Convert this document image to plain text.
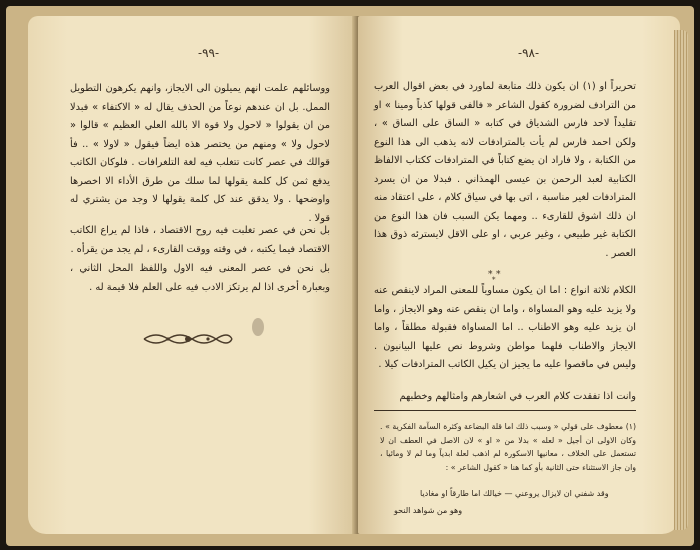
-٩٩-

ووسائلهم علمت انهم يميلون الى الايجاز، وانهم يكرهون التطويل الممل. بل ان عندهم نوعاً من الحذف يقال له « الاكتفاء » فبدلا من ان يقولوا « لاحول ولا قوة الا بالله العلي العظيم » قالوا « لاحول ولا » ومنهم من يختصر هذه ايضاً فيقول « لاولا » .. فأ قوالك في عصر كانت تتغلب فيه لغة التلغرافات . فلوكان الكاتب يدفع ثمن كل كلمة يقولها لما سلك من طرق الأداء الا اخصرها واوضحها . ولا يدقق عند كل كلمة يقولها لا وجد من يشتري له قولا .

بل نحن في عصر تغلبت فيه روح الاقتصاد ، فاذا لم يراع الكاتب الاقتصاد فيما يكتبه ، في وقته ووقت القارىء ، لم يجد من يقرأه .

بل نحن في عصر المعنى فيه الاول واللفظ المحل الثاني ، وبعبارة أخرى اذا لم يرتكز الادب فيه على العلم فلا قيمة له .

-٩٨-

تحريراً او (١) ان يكون ذلك متابعة لماورد في بعض اقوال العرب من الترادف لضرورة كقول الشاعر « فالفى قولها كذباً ومينا » او تقليداً لاحد فارس الشدياق في كتابه « الساق على الساق » ، ولكن احمد فارس لم يأت بالمترادفات لانه يذهب الى هذا النوع من الكتابة ، ولا فاراد ان يضع كتاباً في المترادفات ككتاب الالفاظ الكتابية لعبد الرحمن بن عيسى الهمذاني . فبدلا من ان يسرد المترادفات لغير مناسبة ، اتى بها في سياق كلام ، على اعتقاد منه ان ذلك اشوق للقارىء .. ومهما يكن السبب فان هذا النوع من الكتابة غير طبيعي ، وغير عربي ، او على الاقل لايسترئه ذوق هذا العصر .

* *
*

الكلام ثلاثة انواع : اما ان يكون مساوياً للمعنى المراد لاينقص عنه ولا يزيد عليه وهو المساواة ، واما ان ينقص عنه وهو الايجاز ، واما ان يزيد عليه وهو الاطناب .. اما المساواة فقبولة مطلقاً ، واما الايجاز والاطناب فلهما مواطن وشروط نص عليها البيانيون . وليس في ماقصوا عليه ما يجيز ان يكيل الكاتب المترادفات كيلا .

وانت اذا تفقدت كلام العرب في اشعارهم وامثالهم وخطبهم

(١) معطوف على قولي « وسبب ذلك اما قلة البضاعة وكثرة السآمة الفكرية » . وكان الاولى ان أجيل « لعله » بدلا من « او » لان الاصل في العطف ان لا تستعمل على الخلاف ، معانيها الاسكورة لم اذهب لعلة ابدياً وما لم لا ومائيا ، وان جاز الاستثناء حتى الثانية بأو كما هنا « كقول الشاعر » :

وقد شفني ان لايزال يروعني — خيالك اما طارقاً او مغاديا
وهو من شواهد النحو
